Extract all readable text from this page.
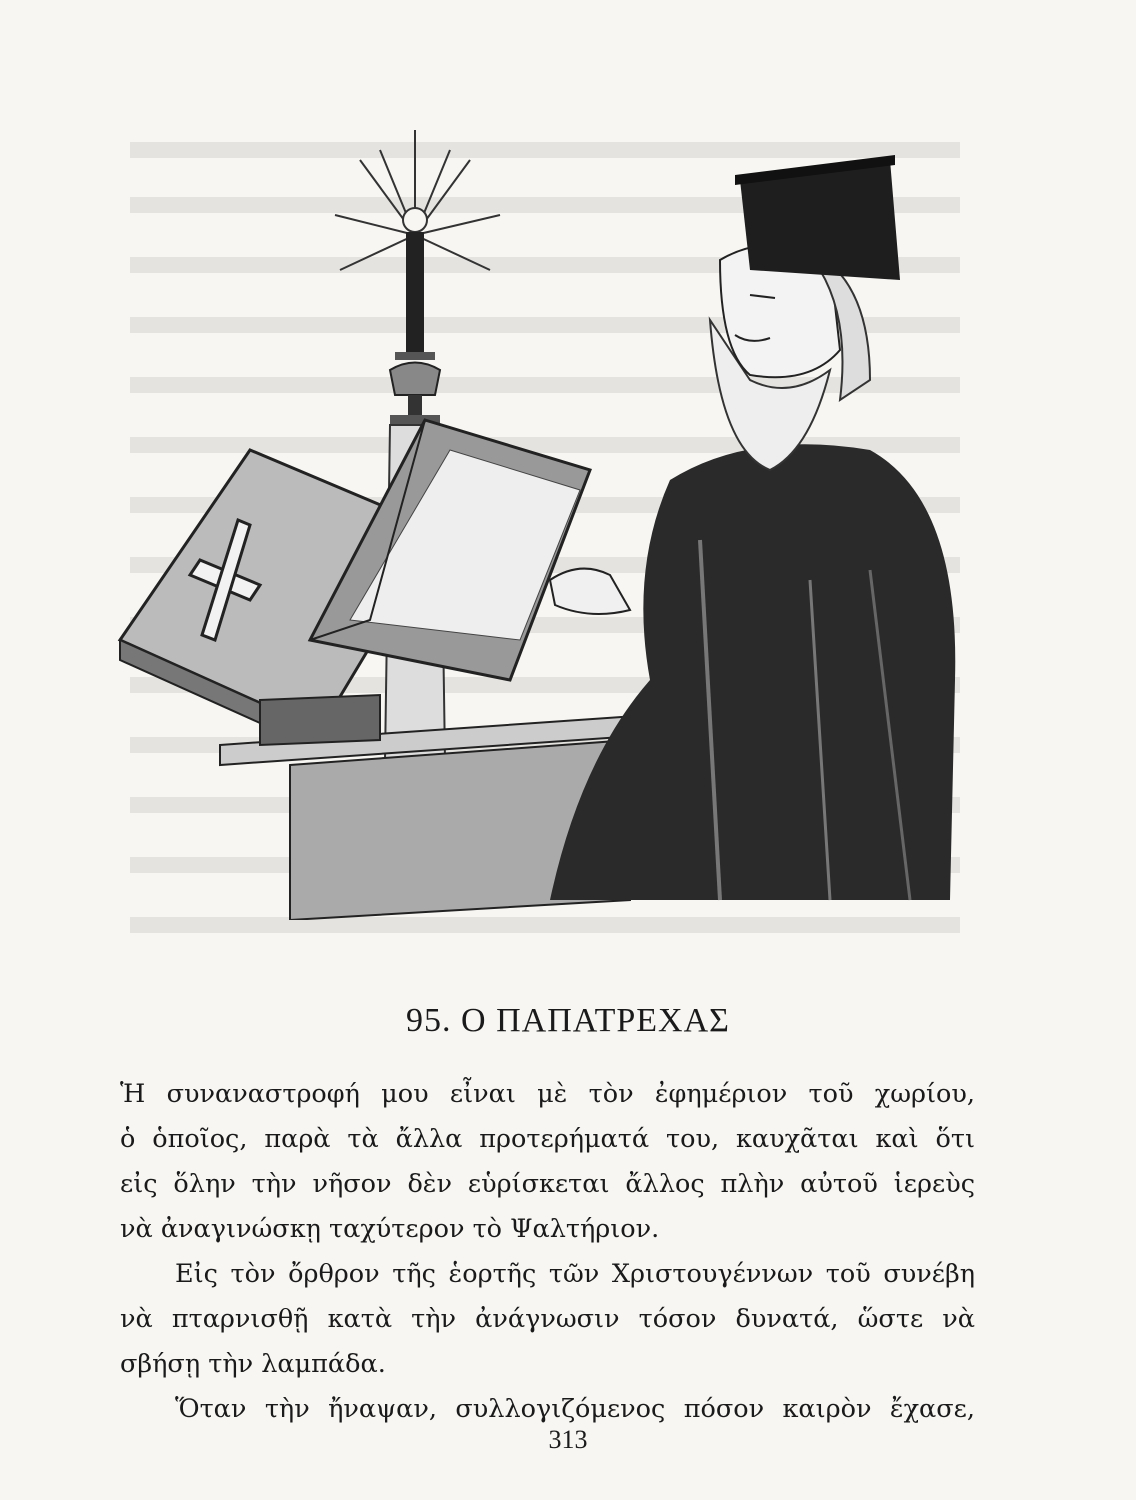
95. Ο ΠΑΠΑΤΡΕΧΑΣ

Ἡ συναναστροφή μου εἶναι μὲ τὸν ἐφημέριον τοῦ χωρίου,

ὁ ὁποῖος, παρὰ τὰ ἄλλα προτερήματά του, καυχᾶται καὶ ὅτι

εἰς ὅλην τὴν νῆσον δὲν εὑρίσκεται ἄλλος πλὴν αὐτοῦ ἱερεὺς

νὰ ἀναγινώσκῃ ταχύτερον τὸ Ψαλτήριον.

Εἰς τὸν ὄρθρον τῆς ἑορτῆς τῶν Χριστουγέννων τοῦ συνέβη

νὰ πταρνισθῇ κατὰ τὴν ἀνάγνωσιν τόσον δυνατά, ὥστε νὰ

σβήσῃ τὴν λαμπάδα.

Ὅταν τὴν ἤναψαν, συλλογιζόμενος πόσον καιρὸν ἔχασε,

313
